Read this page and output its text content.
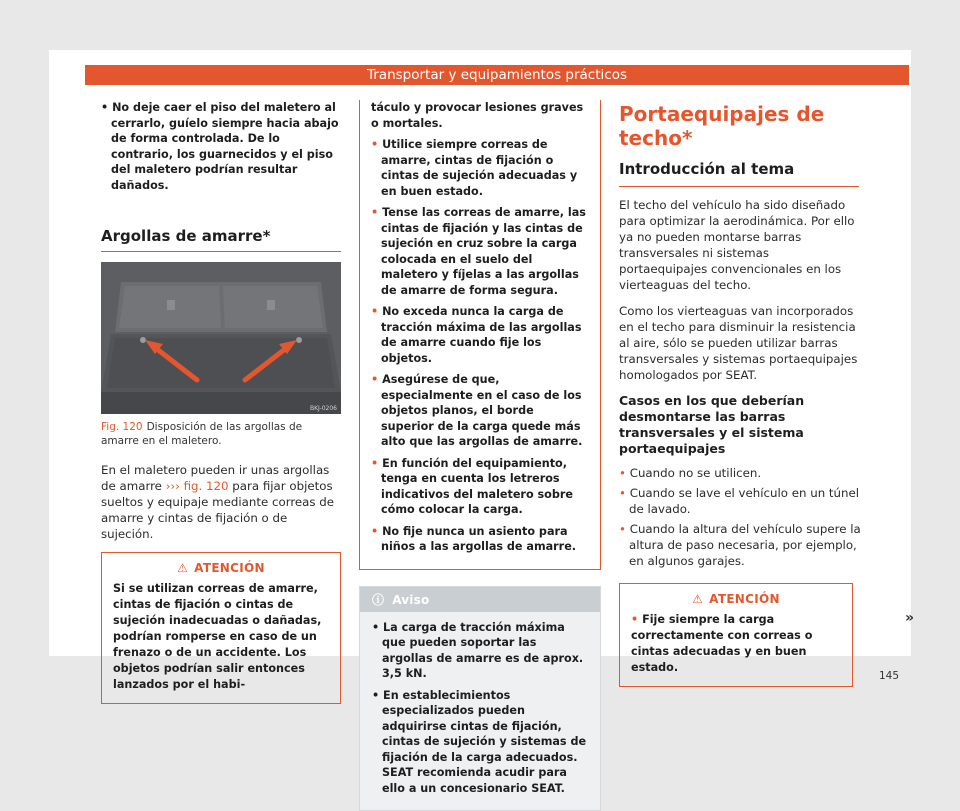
Transportar y equipamientos prácticos
• No deje caer el piso del maletero al cerrarlo, guíelo siempre hacia abajo de forma controlada. De lo contrario, los guarnecidos y el piso del maletero podrían resultar dañados.
Argollas de amarre*
BKJ-0206
Fig. 120 Disposición de las argollas de amarre en el maletero.
En el maletero pueden ir unas argollas de amarre ››› fig. 120 para fijar objetos sueltos y equipaje mediante correas de amarre y cintas de fijación o de sujeción.
⚠ ATENCIÓN
Si se utilizan correas de amarre, cintas de fijación o cintas de sujeción inadecuadas o dañadas, podrían romperse en caso de un frenazo o de un accidente. Los objetos podrían salir entonces lanzados por el habi-
táculo y provocar lesiones graves o mortales.
• Utilice siempre correas de amarre, cintas de fijación o cintas de sujeción adecuadas y en buen estado.
• Tense las correas de amarre, las cintas de fijación y las cintas de sujeción en cruz sobre la carga colocada en el suelo del maletero y fíjelas a las argollas de amarre de forma segura.
• No exceda nunca la carga de tracción máxima de las argollas de amarre cuando fije los objetos.
• Asegúrese de que, especialmente en el caso de los objetos planos, el borde superior de la carga quede más alto que las argollas de amarre.
• En función del equipamiento, tenga en cuenta los letreros indicativos del maletero sobre cómo colocar la carga.
• No fije nunca un asiento para niños a las argollas de amarre.
ⓘ Aviso
• La carga de tracción máxima que pueden soportar las argollas de amarre es de aprox. 3,5 kN.
• En establecimientos especializados pueden adquirirse cintas de fijación, cintas de sujeción y sistemas de fijación de la carga adecuados. SEAT recomienda acudir para ello a un concesionario SEAT.
Portaequipajes de techo*
Introducción al tema
El techo del vehículo ha sido diseñado para optimizar la aerodinámica. Por ello ya no pueden montarse barras transversales ni sistemas portaequipajes convencionales en los vierteaguas del techo.
Como los vierteaguas van incorporados en el techo para disminuir la resistencia al aire, sólo se pueden utilizar barras transversales y sistemas portaequipajes homologados por SEAT.
Casos en los que deberían desmontarse las barras transversales y el sistema portaequipajes
• Cuando no se utilicen.
• Cuando se lave el vehículo en un túnel de lavado.
• Cuando la altura del vehículo supere la altura de paso necesaria, por ejemplo, en algunos garajes.
⚠ ATENCIÓN
• Fije siempre la carga correctamente con correas o cintas adecuadas y en buen estado.
»
145
